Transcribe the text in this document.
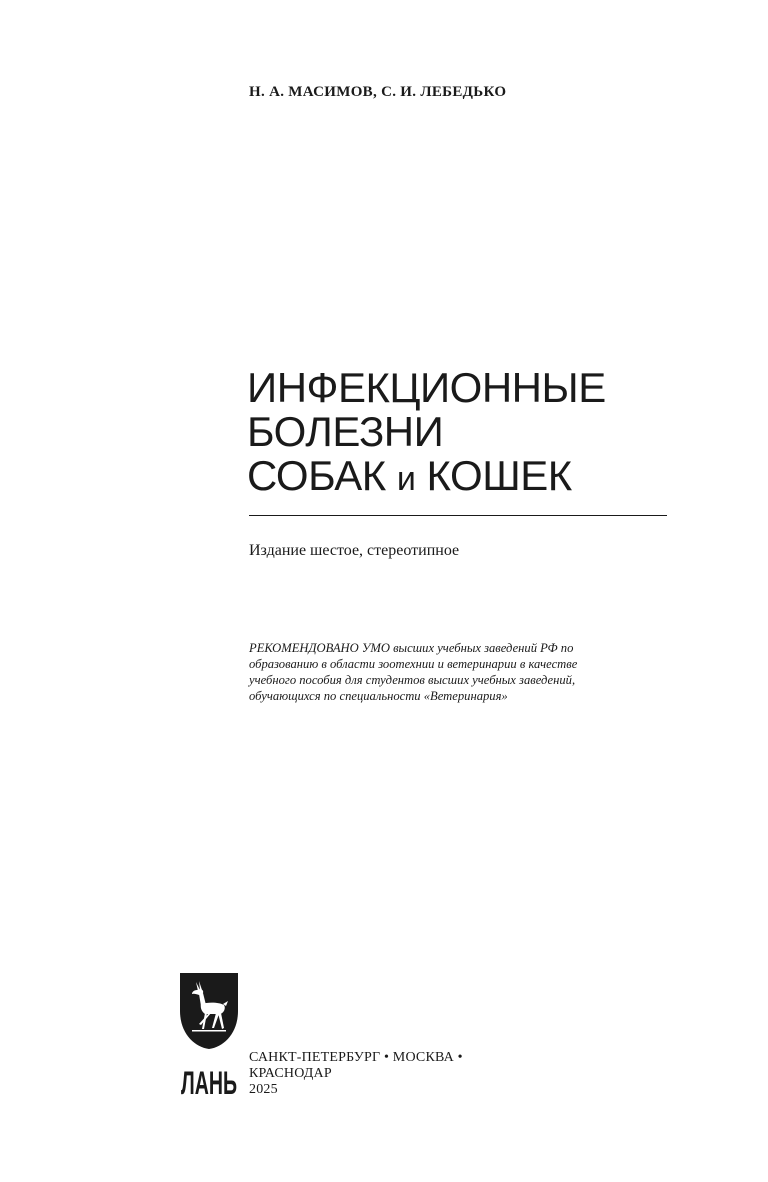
Н. А. МАСИМОВ, С. И. ЛЕБЕДЬКО
ИНФЕКЦИОННЫЕ
БОЛЕЗНИ
СОБАК и КОШЕК
Издание шестое, стереотипное
РЕКОМЕНДОВАНО УМО высших учебных заведений РФ по
образованию в области зоотехнии и ветеринарии в качестве
учебного пособия для студентов высших учебных заведений,
обучающихся по специальности «Ветеринария»
ЛАНЬ
САНКТ-ПЕТЕРБУРГ • МОСКВА •
КРАСНОДАР
2025
